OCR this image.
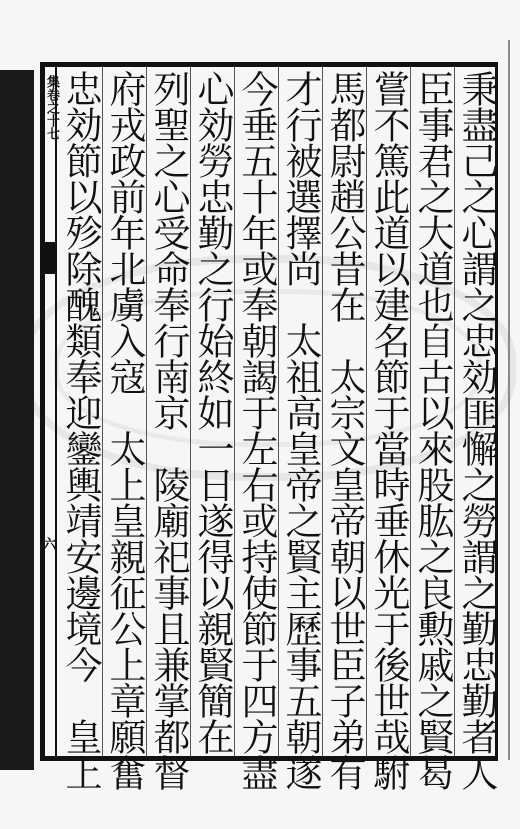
集卷之十七
六	秉盡己之心謂之忠効匪懈之勞謂之勤忠勤者人
臣事君之大道也自古以來股肱之良勲戚之賢曷
嘗不篤此道以建名節于當時垂休光于後世哉駙
馬都尉趙公昔在　太宗文皇帝朝以世臣子弟有
才行被選擇尚　太祖高皇帝之賢主歷事五朝遂
今垂五十年或奉朝謁于左右或持使節于四方盡
心効勞忠勤之行始終如一日遂得以親賢簡在
列聖之心受命奉行南京　陵廟祀事且兼掌都督
府戎政前年北虜入寇　太上皇親征公上章願奮
忠効節以殄除醜類奉迎鑾輿靖安邊境今　皇上
